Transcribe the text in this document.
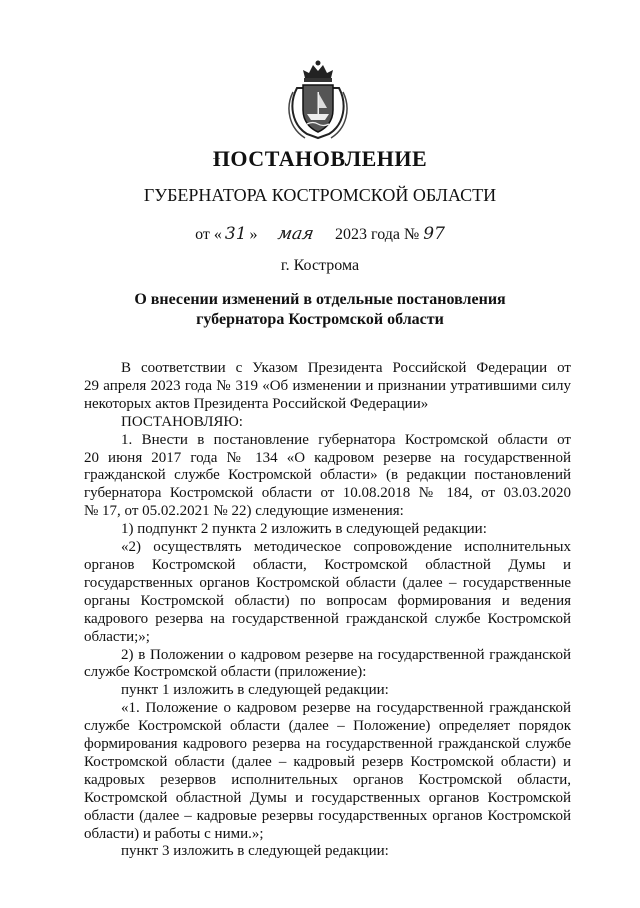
ПОСТАНОВЛЕНИЕ
ГУБЕРНАТОРА КОСТРОМСКОЙ ОБЛАСТИ
от « 31 » мая 2023 года № 97
г. Кострома
О внесении изменений в отдельные постановления
губернатора Костромской области
В соответствии с Указом Президента Российской Федерации от
29 апреля 2023 года № 319 «Об изменении и признании утратившими силу
некоторых актов Президента Российской Федерации»
ПОСТАНОВЛЯЮ:
1. Внести в постановление губернатора Костромской области от
20 июня 2017 года № 134 «О кадровом резерве на государственной
гражданской службе Костромской области» (в редакции постановлений
губернатора Костромской области от 10.08.2018 № 184, от 03.03.2020
№ 17, от 05.02.2021 № 22) следующие изменения:
1) подпункт 2 пункта 2 изложить в следующей редакции:
«2) осуществлять методическое сопровождение исполнительных
органов Костромской области, Костромской областной Думы и
государственных органов Костромской области (далее – государственные
органы Костромской области) по вопросам формирования и ведения
кадрового резерва на государственной гражданской службе Костромской
области;»;
2) в Положении о кадровом резерве на государственной гражданской
службе Костромской области (приложение):
пункт 1 изложить в следующей редакции:
«1. Положение о кадровом резерве на государственной гражданской
службе Костромской области (далее – Положение) определяет порядок
формирования кадрового резерва на государственной гражданской службе
Костромской области (далее – кадровый резерв Костромской области) и
кадровых резервов исполнительных органов Костромской области,
Костромской областной Думы и государственных органов Костромской
области (далее – кадровые резервы государственных органов Костромской
области) и работы с ними.»;
пункт 3 изложить в следующей редакции:
